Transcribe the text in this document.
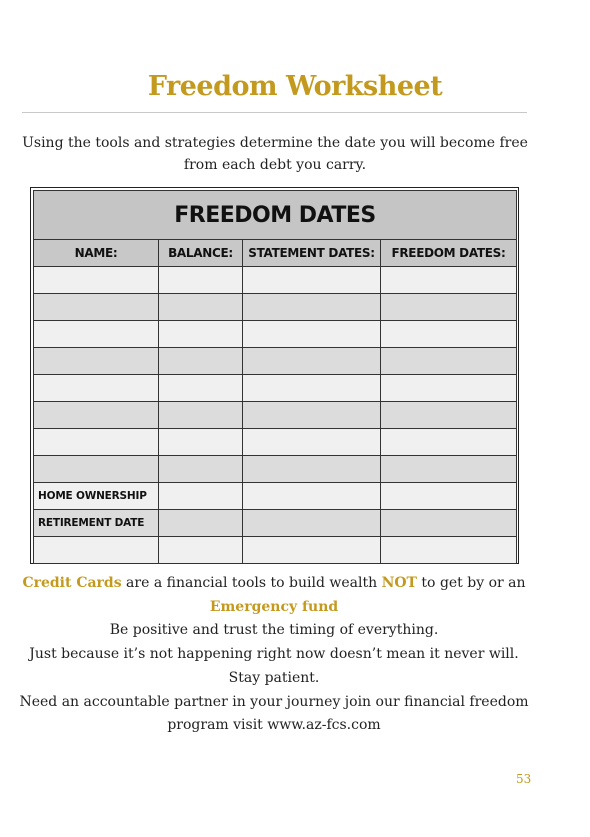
Freedom Worksheet
Using the tools and strategies determine the date you will become free
from each debt you carry.
FREEDOM DATES			
NAME:	BALANCE:	STATEMENT DATES:	FREEDOM DATES:

HOME OWNERSHIP			
RETIREMENT DATE			

Credit Cards are a financial tools to build wealth NOT to get by or an
Emergency fund
Be positive and trust the timing of everything.
Just because it’s not happening right now doesn’t mean it never will.
Stay patient.
Need an accountable partner in your journey join our financial freedom
program visit www.az-fcs.com
53
